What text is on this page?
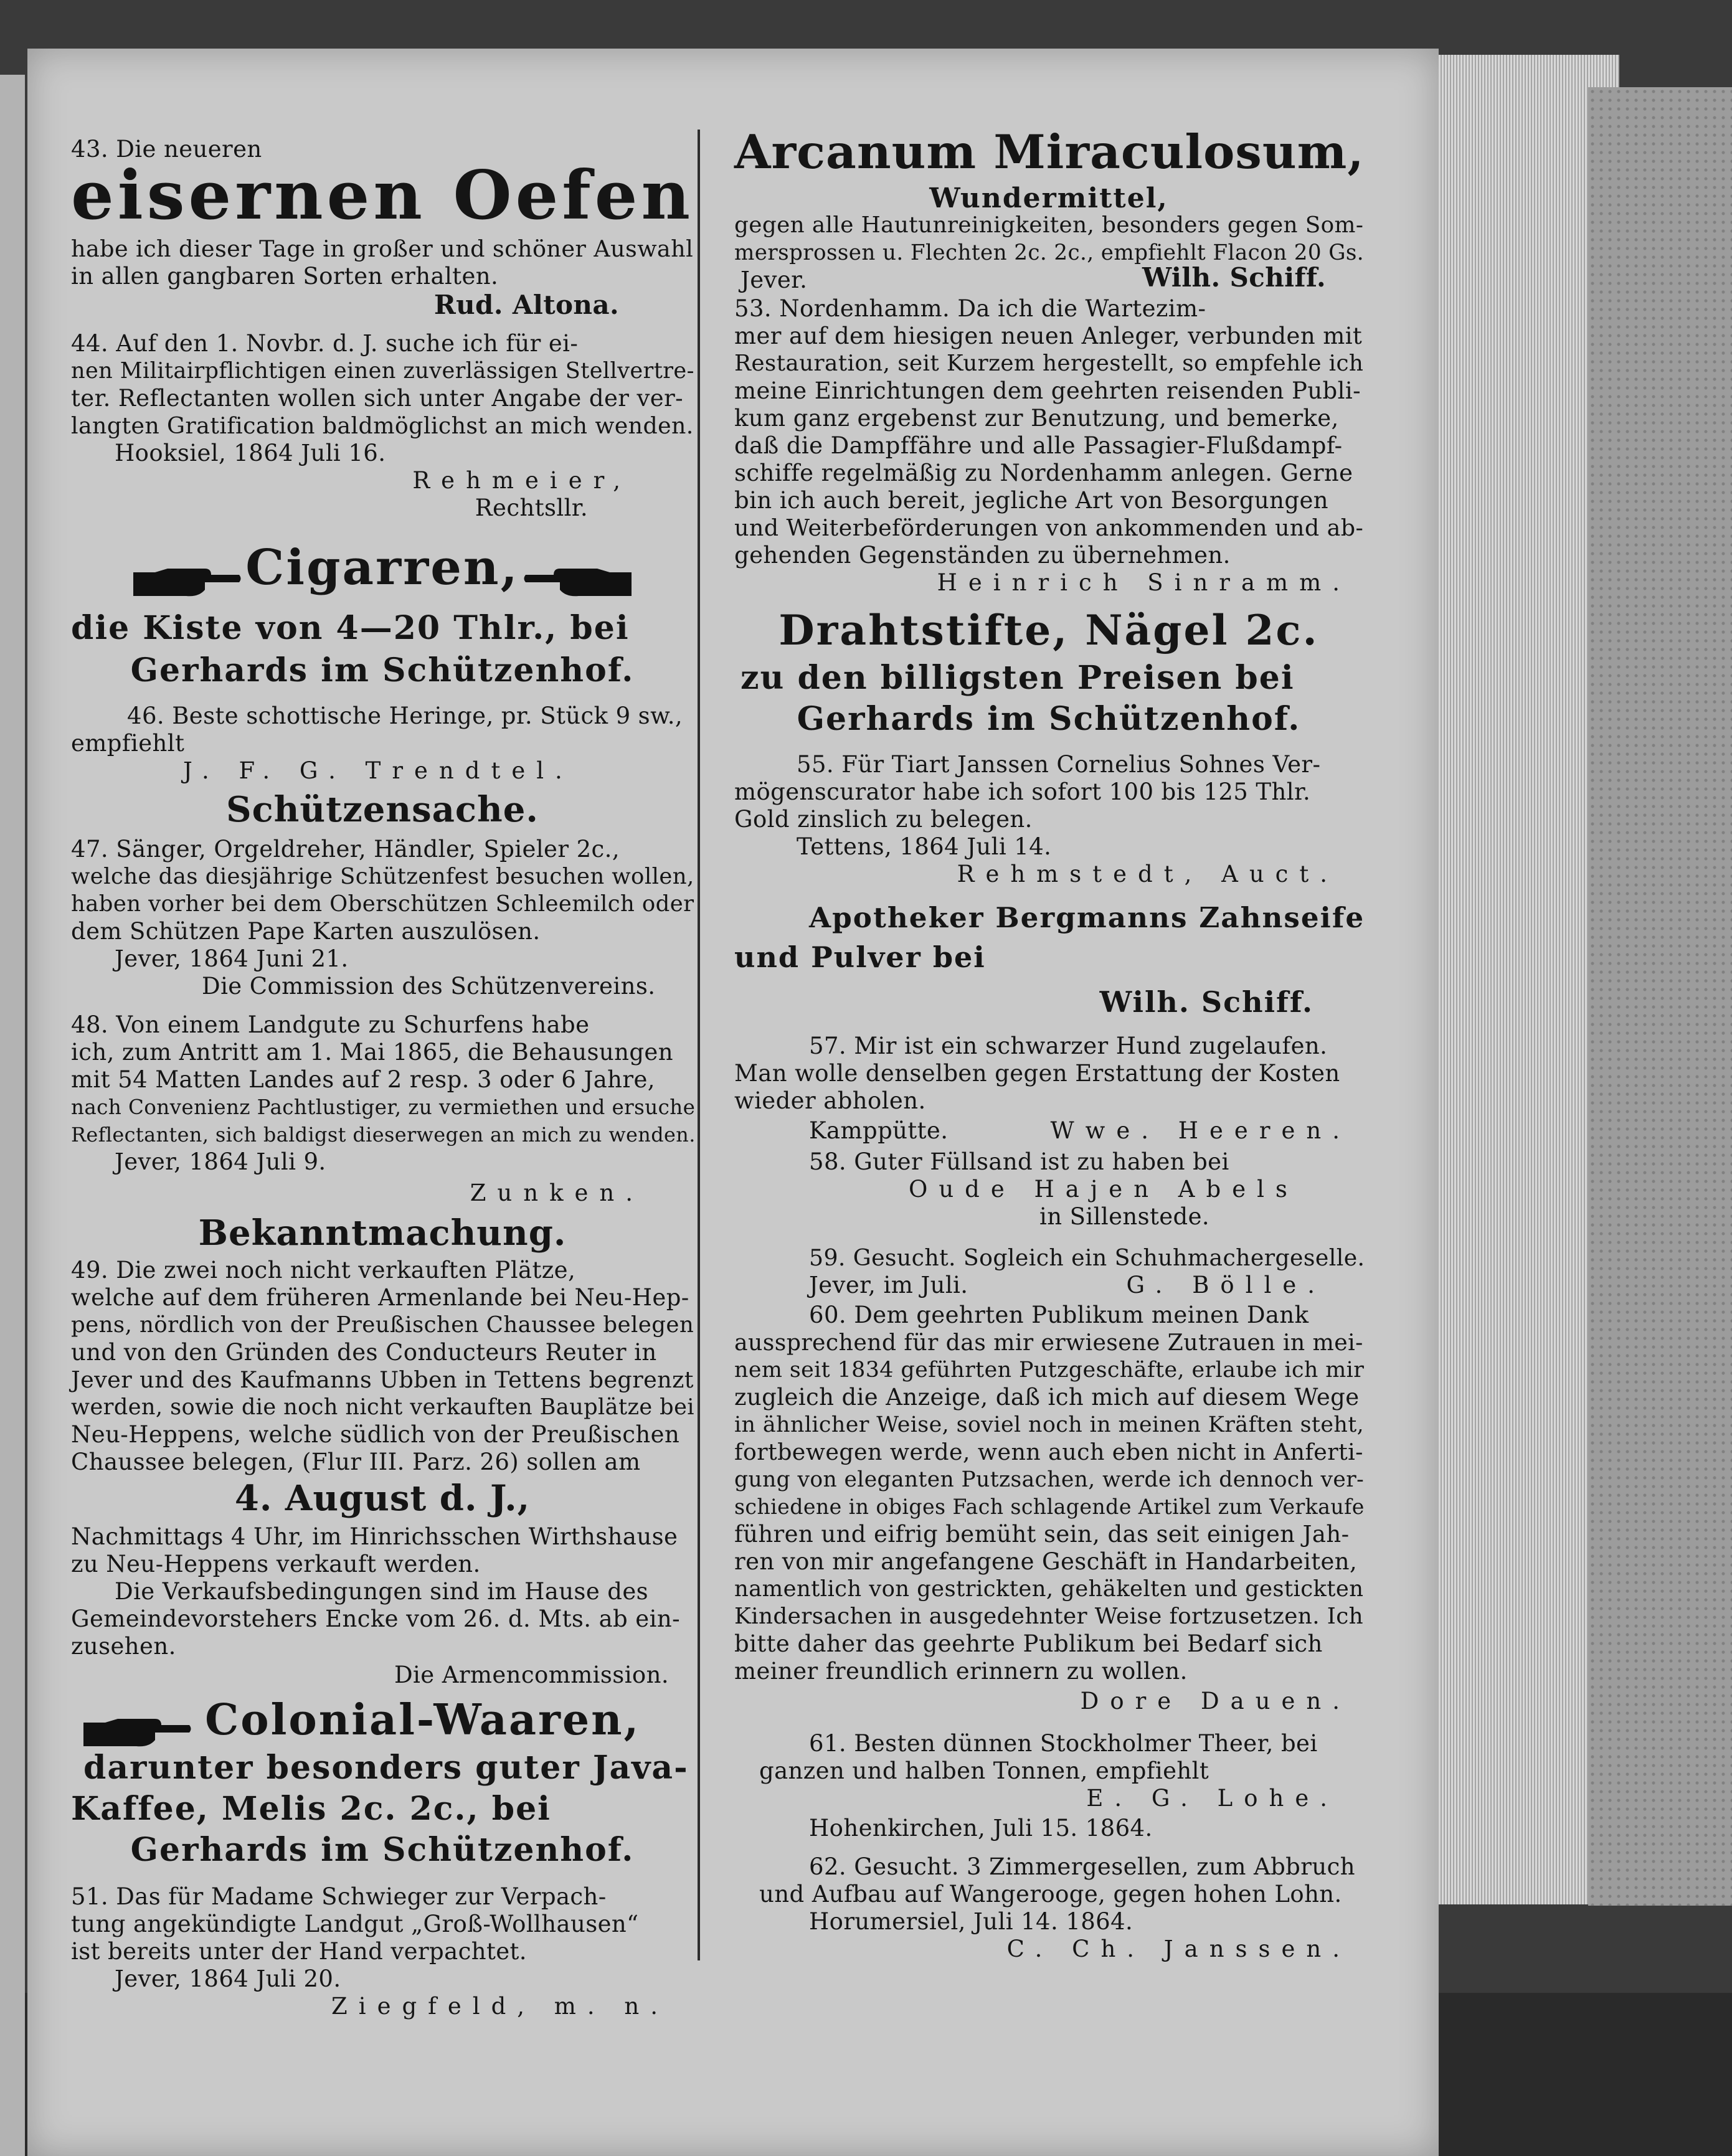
43. Die neueren
eisernen Oefen
habe ich dieser Tage in großer und schöner Auswahl
in allen gangbaren Sorten erhalten.
Rud. Altona.
44. Auf den 1. Novbr. d. J. suche ich für ei-
nen Militairpflichtigen einen zuverlässigen Stellvertre-
ter. Reflectanten wollen sich unter Angabe der ver-
langten Gratification baldmöglichst an mich wenden.
Hooksiel, 1864 Juli 16.
Rehmeier,
Rechtsllr.
Cigarren,
die Kiste von 4—20 Thlr., bei
Gerhards im Schützenhof.
46. Beste schottische Heringe, pr. Stück 9 sw.,
empfiehlt
J. F. G. Trendtel.
Schützensache.
47. Sänger, Orgeldreher, Händler, Spieler 2c.,
welche das diesjährige Schützenfest besuchen wollen,
haben vorher bei dem Oberschützen Schleemilch oder
dem Schützen Pape Karten auszulösen.
Jever, 1864 Juni 21.
Die Commission des Schützenvereins.
48. Von einem Landgute zu Schurfens habe
ich, zum Antritt am 1. Mai 1865, die Behausungen
mit 54 Matten Landes auf 2 resp. 3 oder 6 Jahre,
nach Convenienz Pachtlustiger, zu vermiethen und ersuche
Reflectanten, sich baldigst dieserwegen an mich zu wenden.
Jever, 1864 Juli 9.
Zunken.
Bekanntmachung.
49. Die zwei noch nicht verkauften Plätze,
welche auf dem früheren Armenlande bei Neu-Hep-
pens, nördlich von der Preußischen Chaussee belegen
und von den Gründen des Conducteurs Reuter in
Jever und des Kaufmanns Ubben in Tettens begrenzt
werden, sowie die noch nicht verkauften Bauplätze bei
Neu-Heppens, welche südlich von der Preußischen
Chaussee belegen, (Flur III. Parz. 26) sollen am
4. August d. J.,
Nachmittags 4 Uhr, im Hinrichsschen Wirthshause
zu Neu-Heppens verkauft werden.
Die Verkaufsbedingungen sind im Hause des
Gemeindevorstehers Encke vom 26. d. Mts. ab ein-
zusehen.
Die Armencommission.
Colonial-Waaren,
darunter besonders guter Java-
Kaffee, Melis 2c. 2c., bei
Gerhards im Schützenhof.
51. Das für Madame Schwieger zur Verpach-
tung angekündigte Landgut „Groß-Wollhausen“
ist bereits unter der Hand verpachtet.
Jever, 1864 Juli 20.
Ziegfeld, m. n.
Arcanum Miraculosum,
Wundermittel,
gegen alle Hautunreinigkeiten, besonders gegen Som-
mersprossen u. Flechten 2c. 2c., empfiehlt Flacon 20 Gs.
Jever.	Wilh. Schiff.
53. Nordenhamm. Da ich die Wartezim-
mer auf dem hiesigen neuen Anleger, verbunden mit
Restauration, seit Kurzem hergestellt, so empfehle ich
meine Einrichtungen dem geehrten reisenden Publi-
kum ganz ergebenst zur Benutzung, und bemerke,
daß die Dampffähre und alle Passagier-Flußdampf-
schiffe regelmäßig zu Nordenhamm anlegen. Gerne
bin ich auch bereit, jegliche Art von Besorgungen
und Weiterbeförderungen von ankommenden und ab-
gehenden Gegenständen zu übernehmen.
Heinrich Sinramm.
Drahtstifte, Nägel 2c.
zu den billigsten Preisen bei
Gerhards im Schützenhof.
55. Für Tiart Janssen Cornelius Sohnes Ver-
mögenscurator habe ich sofort 100 bis 125 Thlr.
Gold zinslich zu belegen.
Tettens, 1864 Juli 14.
Rehmstedt, Auct.
Apotheker Bergmanns Zahnseife
und Pulver bei
Wilh. Schiff.
57. Mir ist ein schwarzer Hund zugelaufen.
Man wolle denselben gegen Erstattung der Kosten
wieder abholen.
Kamppütte.	Wwe. Heeren.
58. Guter Füllsand ist zu haben bei
Oude Hajen Abels
in Sillenstede.
59. Gesucht. Sogleich ein Schuhmachergeselle.
Jever, im Juli.	G. Bölle.
60. Dem geehrten Publikum meinen Dank
aussprechend für das mir erwiesene Zutrauen in mei-
nem seit 1834 geführten Putzgeschäfte, erlaube ich mir
zugleich die Anzeige, daß ich mich auf diesem Wege
in ähnlicher Weise, soviel noch in meinen Kräften steht,
fortbewegen werde, wenn auch eben nicht in Anferti-
gung von eleganten Putzsachen, werde ich dennoch ver-
schiedene in obiges Fach schlagende Artikel zum Verkaufe
führen und eifrig bemüht sein, das seit einigen Jah-
ren von mir angefangene Geschäft in Handarbeiten,
namentlich von gestrickten, gehäkelten und gestickten
Kindersachen in ausgedehnter Weise fortzusetzen. Ich
bitte daher das geehrte Publikum bei Bedarf sich
meiner freundlich erinnern zu wollen.
Dore Dauen.
61. Besten dünnen Stockholmer Theer, bei
ganzen und halben Tonnen, empfiehlt
E. G. Lohe.
Hohenkirchen, Juli 15. 1864.
62. Gesucht. 3 Zimmergesellen, zum Abbruch
und Aufbau auf Wangerooge, gegen hohen Lohn.
Horumersiel, Juli 14. 1864.
C. Ch. Janssen.
